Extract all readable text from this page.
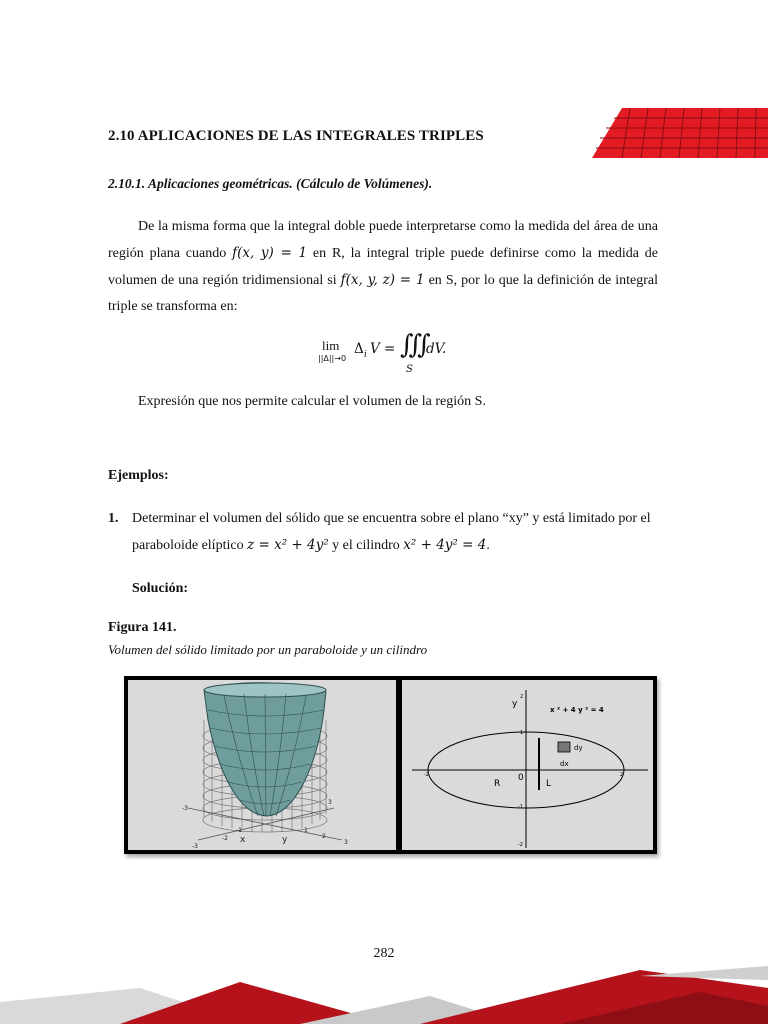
2.10 APLICACIONES DE LAS INTEGRALES TRIPLES
2.10.1. Aplicaciones geométricas. (Cálculo de Volúmenes).
De la misma forma que la integral doble puede interpretarse como la medida del área de una región plana cuando f(x, y) = 1 en R, la integral triple puede definirse como la medida de volumen de una región tridimensional si f(x, y, z) = 1 en S, por lo que la definición de integral triple se transforma en:
lim
||Δ||→0
Δ i V = ∭
S
dV.
Expresión que nos permite calcular el volumen de la región S.
Ejemplos:
1. Determinar el volumen del sólido que se encuentra sobre el plano “xy” y está limitado por el paraboloide elíptico z = x² + 4y² y el cilindro x² + 4y² = 4.
Solución:
Figura 141.
Volumen del sólido limitado por un paraboloide y un cilindro
-3
-2
-1	1
2
3
-3
3
x	y
y
x ² + 4 y ² = 4
dy
dx
R	L
0
-2	2
2
1
-1
-2
282
